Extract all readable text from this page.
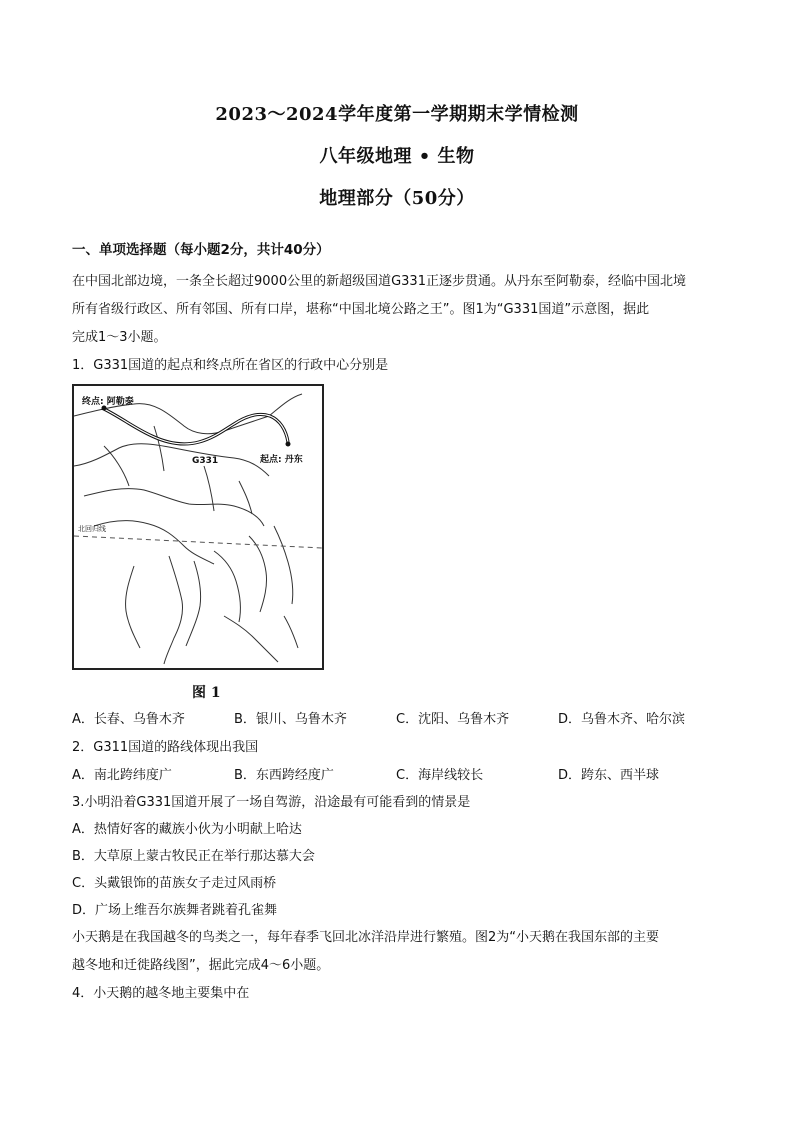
2023～2024学年度第一学期期末学情检测
八年级地理 • 生物
地理部分（50分）
一、单项选择题（每小题2分，共计40分）
在中国北部边境，一条全长超过9000公里的新超级国道G331正逐步贯通。从丹东至阿勒泰，经临中国北境
所有省级行政区、所有邻国、所有口岸，堪称“中国北境公路之王”。图1为“G331国道”示意图，据此
完成1～3小题。
1．G331国道的起点和终点所在省区的行政中心分别是
终点: 阿勒泰
G331	起点: 丹东
北回归线
图 1
A．长春、乌鲁木齐	B．银川、乌鲁木齐	C．沈阳、乌鲁木齐	D．乌鲁木齐、哈尔滨
2．G311国道的路线体现出我国
A．南北跨纬度广	B．东西跨经度广	C．海岸线较长	D．跨东、西半球
3.小明沿着G331国道开展了一场自驾游，沿途最有可能看到的情景是
A．热情好客的藏族小伙为小明献上哈达
B．大草原上蒙古牧民正在举行那达慕大会
C．头戴银饰的苗族女子走过风雨桥
D．广场上维吾尔族舞者跳着孔雀舞
小天鹅是在我国越冬的鸟类之一，每年春季飞回北冰洋沿岸进行繁殖。图2为“小天鹅在我国东部的主要
越冬地和迁徙路线图”，据此完成4～6小题。
4．小天鹅的越冬地主要集中在
